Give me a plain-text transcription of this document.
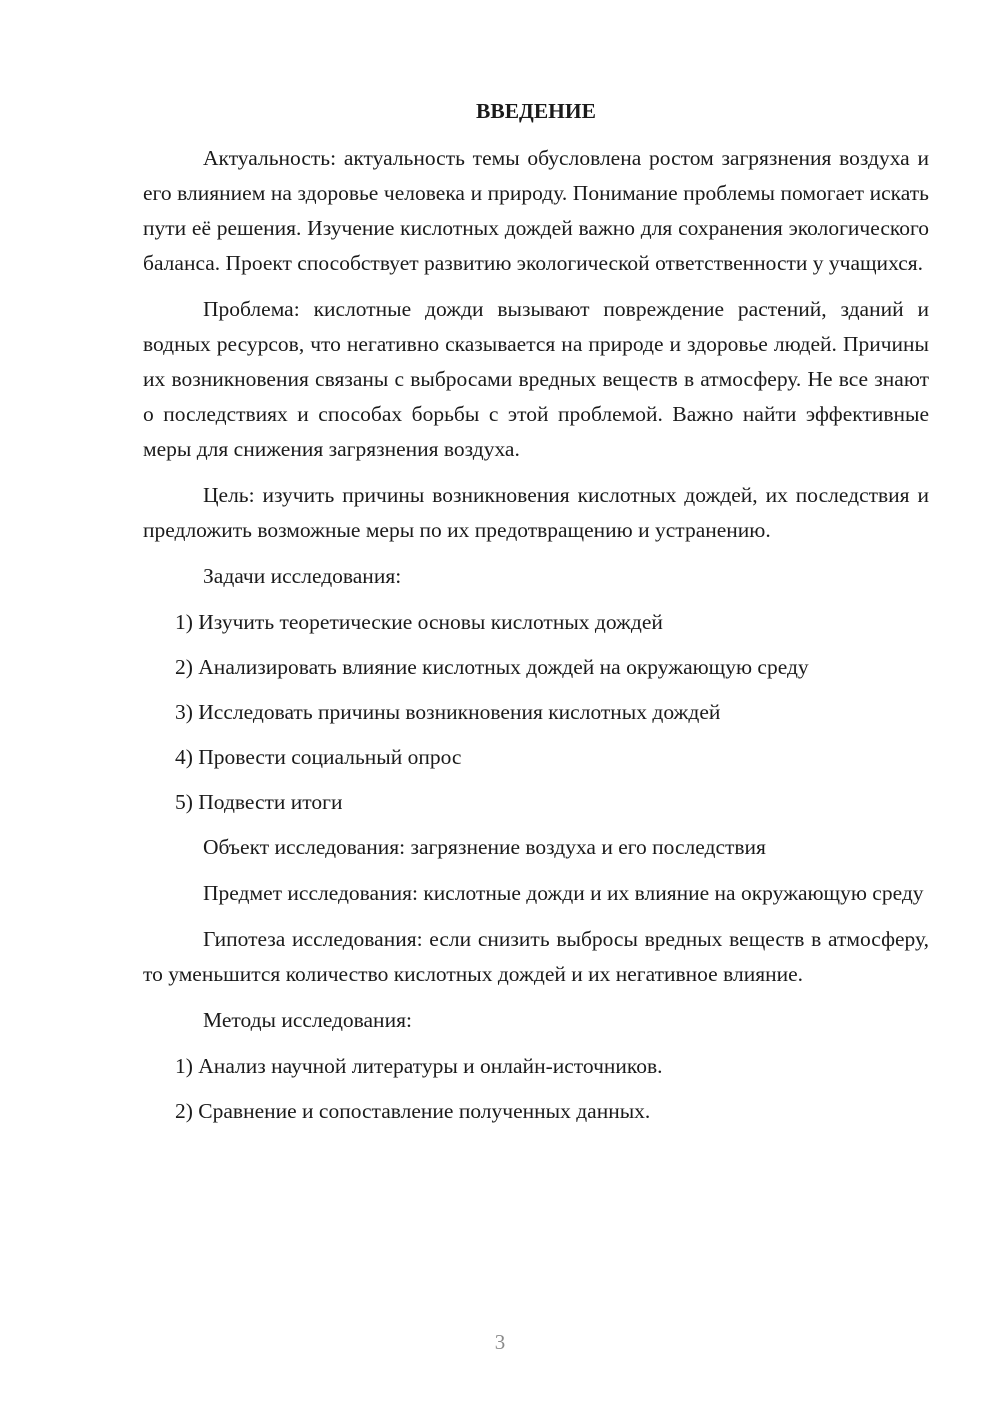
ВВЕДЕНИЕ

Актуальность: актуальность темы обусловлена ростом загрязнения воздуха и его влиянием на здоровье человека и природу. Понимание проблемы помогает искать пути её решения. Изучение кислотных дождей важно для сохранения экологического баланса. Проект способствует развитию экологической ответственности у учащихся.

Проблема: кислотные дожди вызывают повреждение растений, зданий и водных ресурсов, что негативно сказывается на природе и здоровье людей. Причины их возникновения связаны с выбросами вредных веществ в атмосферу. Не все знают о последствиях и способах борьбы с этой проблемой. Важно найти эффективные меры для снижения загрязнения воздуха.

Цель: изучить причины возникновения кислотных дождей, их последствия и предложить возможные меры по их предотвращению и устранению.

Задачи исследования:

1) Изучить теоретические основы кислотных дождей
2) Анализировать влияние кислотных дождей на окружающую среду
3) Исследовать причины возникновения кислотных дождей
4) Провести социальный опрос
5) Подвести итоги

Объект исследования: загрязнение воздуха и его последствия

Предмет исследования: кислотные дожди и их влияние на окружающую среду

Гипотеза исследования: если снизить выбросы вредных веществ в атмосферу, то уменьшится количество кислотных дождей и их негативное влияние.

Методы исследования:

1) Анализ научной литературы и онлайн-источников.
2) Сравнение и сопоставление полученных данных.
3
